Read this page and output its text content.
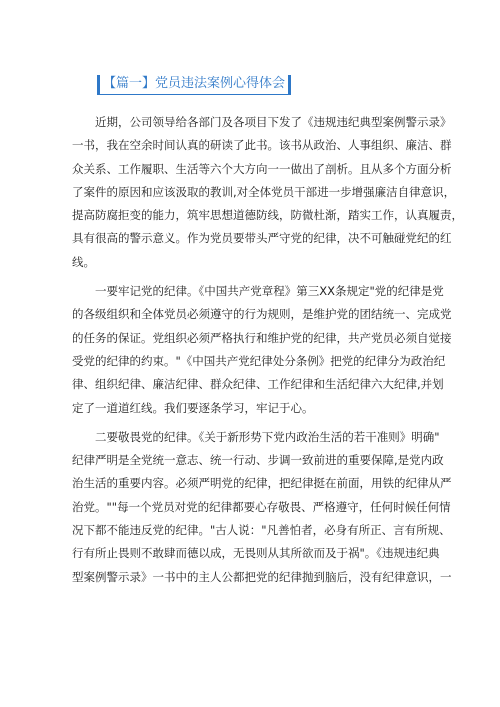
【篇一】党员违法案例心得体会

近期，公司领导给各部门及各项目下发了《违规违纪典型案例警示录》
一书，我在空余时间认真的研读了此书。该书从政治、人事组织、廉洁、群
众关系、工作履职、生活等六个大方向一一做出了剖析。且从多个方面分析
了案件的原因和应该汲取的教训,对全体党员干部进一步增强廉洁自律意识，
提高防腐拒变的能力，筑牢思想道德防线，防微杜渐，踏实工作，认真履责，
具有很高的警示意义。作为党员要带头严守党的纪律，决不可触碰党纪的红
线。

一要牢记党的纪律。《中国共产党章程》第三XX条规定"党的纪律是党
的各级组织和全体党员必须遵守的行为规则，是维护党的团结统一、完成党
的任务的保证。党组织必须严格执行和维护党的纪律，共产党员必须自觉接
受党的纪律的约束。"《中国共产党纪律处分条例》把党的纪律分为政治纪
律、组织纪律、廉洁纪律、群众纪律、工作纪律和生活纪律六大纪律,并划
定了一道道红线。我们要逐条学习，牢记于心。

二要敬畏党的纪律。《关于新形势下党内政治生活的若干准则》明确"
纪律严明是全党统一意志、统一行动、步调一致前进的重要保障,是党内政
治生活的重要内容。必须严明党的纪律，把纪律挺在前面，用铁的纪律从严
治党。""每一个党员对党的纪律都要心存敬畏、严格遵守，任何时候任何情
况下都不能违反党的纪律。"古人说："凡善怕者，必身有所正、言有所规、
行有所止畏则不敢肆而德以成，无畏则从其所欲而及于祸"。《违规违纪典
型案例警示录》一书中的主人公都把党的纪律抛到脑后，没有纪律意识，一
